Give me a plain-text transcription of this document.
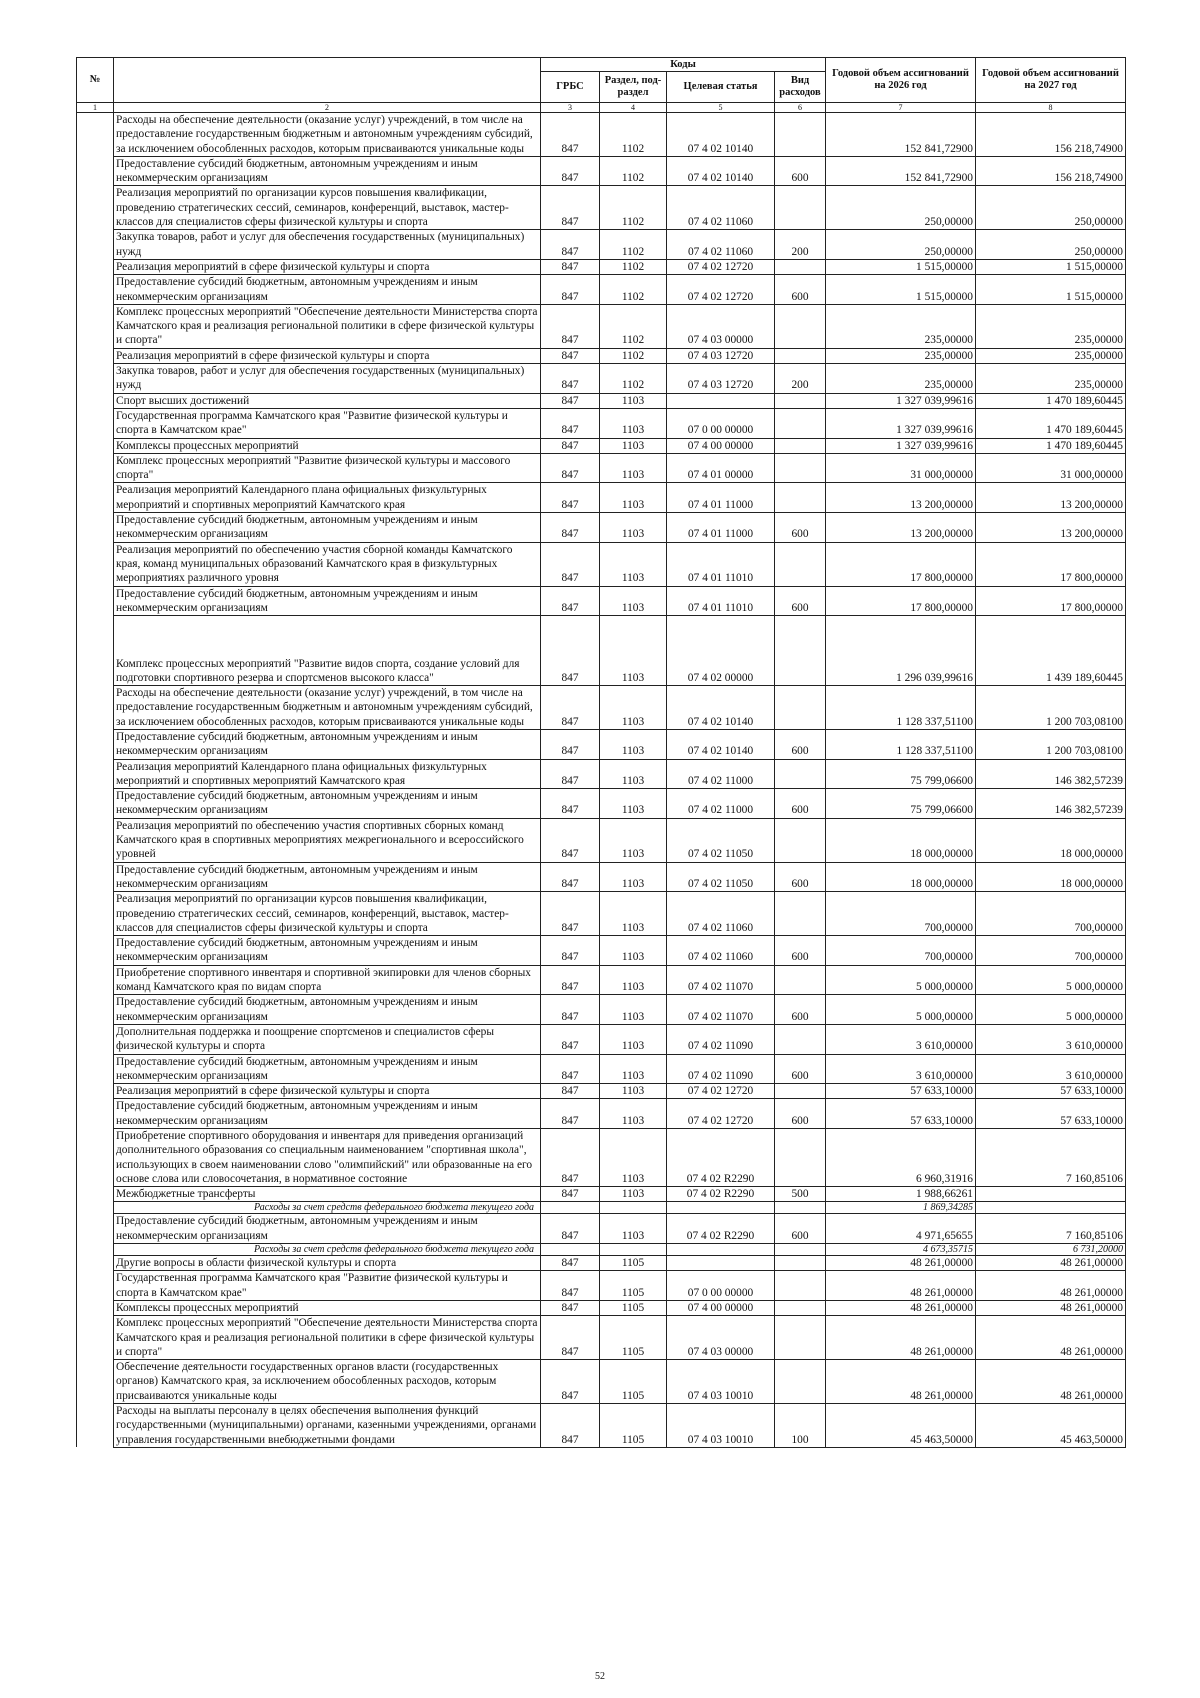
№		Коды				Годовой объем ассигнований на 2026 год	Годовой объем ассигнований на 2027 год
		ГРБС	Раздел, под-раздел	Целевая статья	Вид расходов		
1	2	3	4	5	6	7	8
	Расходы на обеспечение деятельности (оказание услуг) учреждений, в том числе на предоставление государственным бюджетным и автономным учреждениям субсидий, за исключением обособленных расходов, которым присваиваются уникальные коды	847	1102	07 4 02 10140		152 841,72900	156 218,74900
	Предоставление субсидий бюджетным, автономным учреждениям и иным некоммерческим организациям	847	1102	07 4 02 10140	600	152 841,72900	156 218,74900
	Реализация мероприятий по организации курсов повышения квалификации, проведению стратегических сессий, семинаров, конференций, выставок, мастер-классов для специалистов сферы физической культуры и спорта	847	1102	07 4 02 11060		250,00000	250,00000
	Закупка товаров, работ и услуг для обеспечения государственных (муниципальных) нужд	847	1102	07 4 02 11060	200	250,00000	250,00000
	Реализация мероприятий в сфере физической культуры и спорта	847	1102	07 4 02 12720		1 515,00000	1 515,00000
	Предоставление субсидий бюджетным, автономным учреждениям и иным некоммерческим организациям	847	1102	07 4 02 12720	600	1 515,00000	1 515,00000
	Комплекс процессных мероприятий "Обеспечение деятельности Министерства спорта Камчатского края и реализация региональной политики в сфере физической культуры и спорта"	847	1102	07 4 03 00000		235,00000	235,00000
	Реализация мероприятий в сфере физической культуры и спорта	847	1102	07 4 03 12720		235,00000	235,00000
	Закупка товаров, работ и услуг для обеспечения государственных (муниципальных) нужд	847	1102	07 4 03 12720	200	235,00000	235,00000
	Спорт высших достижений	847	1103			1 327 039,99616	1 470 189,60445
	Государственная программа Камчатского края "Развитие физической культуры и спорта в Камчатском крае"	847	1103	07 0 00 00000		1 327 039,99616	1 470 189,60445
	Комплексы процессных мероприятий	847	1103	07 4 00 00000		1 327 039,99616	1 470 189,60445
	Комплекс процессных мероприятий "Развитие физической культуры и массового спорта"	847	1103	07 4 01 00000		31 000,00000	31 000,00000
	Реализация мероприятий Календарного плана официальных физкультурных мероприятий и спортивных мероприятий Камчатского края	847	1103	07 4 01 11000		13 200,00000	13 200,00000
	Предоставление субсидий бюджетным, автономным учреждениям и иным некоммерческим организациям	847	1103	07 4 01 11000	600	13 200,00000	13 200,00000
	Реализация мероприятий по обеспечению участия сборной команды Камчатского края, команд муниципальных образований Камчатского края в физкультурных мероприятиях различного уровня	847	1103	07 4 01 11010		17 800,00000	17 800,00000
	Предоставление субсидий бюджетным, автономным учреждениям и иным некоммерческим организациям	847	1103	07 4 01 11010	600	17 800,00000	17 800,00000
	Комплекс процессных мероприятий "Развитие видов спорта, создание условий для подготовки спортивного резерва и спортсменов высокого класса"	847	1103	07 4 02 00000		1 296 039,99616	1 439 189,60445
	Расходы на обеспечение деятельности (оказание услуг) учреждений, в том числе на предоставление государственным бюджетным и автономным учреждениям субсидий, за исключением обособленных расходов, которым присваиваются уникальные коды	847	1103	07 4 02 10140		1 128 337,51100	1 200 703,08100
	Предоставление субсидий бюджетным, автономным учреждениям и иным некоммерческим организациям	847	1103	07 4 02 10140	600	1 128 337,51100	1 200 703,08100
	Реализация мероприятий Календарного плана официальных физкультурных мероприятий и спортивных мероприятий Камчатского края	847	1103	07 4 02 11000		75 799,06600	146 382,57239
	Предоставление субсидий бюджетным, автономным учреждениям и иным некоммерческим организациям	847	1103	07 4 02 11000	600	75 799,06600	146 382,57239
	Реализация мероприятий по обеспечению участия спортивных сборных команд Камчатского края в спортивных мероприятиях межрегионального и всероссийского уровней	847	1103	07 4 02 11050		18 000,00000	18 000,00000
	Предоставление субсидий бюджетным, автономным учреждениям и иным некоммерческим организациям	847	1103	07 4 02 11050	600	18 000,00000	18 000,00000
	Реализация мероприятий по организации курсов повышения квалификации, проведению стратегических сессий, семинаров, конференций, выставок, мастер-классов для специалистов сферы физической культуры и спорта	847	1103	07 4 02 11060		700,00000	700,00000
	Предоставление субсидий бюджетным, автономным учреждениям и иным некоммерческим организациям	847	1103	07 4 02 11060	600	700,00000	700,00000
	Приобретение спортивного инвентаря и спортивной экипировки для членов сборных команд Камчатского края по видам спорта	847	1103	07 4 02 11070		5 000,00000	5 000,00000
	Предоставление субсидий бюджетным, автономным учреждениям и иным некоммерческим организациям	847	1103	07 4 02 11070	600	5 000,00000	5 000,00000
	Дополнительная поддержка и поощрение спортсменов и специалистов сферы физической культуры и спорта	847	1103	07 4 02 11090		3 610,00000	3 610,00000
	Предоставление субсидий бюджетным, автономным учреждениям и иным некоммерческим организациям	847	1103	07 4 02 11090	600	3 610,00000	3 610,00000
	Реализация мероприятий в сфере физической культуры и спорта	847	1103	07 4 02 12720		57 633,10000	57 633,10000
	Предоставление субсидий бюджетным, автономным учреждениям и иным некоммерческим организациям	847	1103	07 4 02 12720	600	57 633,10000	57 633,10000
	Приобретение спортивного оборудования и инвентаря для приведения организаций дополнительного образования со специальным наименованием "спортивная школа", использующих в своем наименовании слово "олимпийский" или образованные на его основе слова или словосочетания, в нормативное состояние	847	1103	07 4 02 R2290		6 960,31916	7 160,85106
	Межбюджетные трансферты	847	1103	07 4 02 R2290	500	1 988,66261	
	Расходы за счет средств федерального бюджета текущего года					1 869,34285	
	Предоставление субсидий бюджетным, автономным учреждениям и иным некоммерческим организациям	847	1103	07 4 02 R2290	600	4 971,65655	7 160,85106
	Расходы за счет средств федерального бюджета текущего года					4 673,35715	6 731,20000
	Другие вопросы в области физической культуры и спорта	847	1105			48 261,00000	48 261,00000
	Государственная программа Камчатского края "Развитие физической культуры и спорта в Камчатском крае"	847	1105	07 0 00 00000		48 261,00000	48 261,00000
	Комплексы процессных мероприятий	847	1105	07 4 00 00000		48 261,00000	48 261,00000
	Комплекс процессных мероприятий "Обеспечение деятельности Министерства спорта Камчатского края и реализация региональной политики в сфере физической культуры и спорта"	847	1105	07 4 03 00000		48 261,00000	48 261,00000
	Обеспечение деятельности государственных органов власти (государственных органов) Камчатского края, за исключением обособленных расходов, которым присваиваются уникальные коды	847	1105	07 4 03 10010		48 261,00000	48 261,00000
	Расходы на выплаты персоналу в целях обеспечения выполнения функций государственными (муниципальными) органами, казенными учреждениями, органами управления государственными внебюджетными фондами	847	1105	07 4 03 10010	100	45 463,50000	45 463,50000
52
